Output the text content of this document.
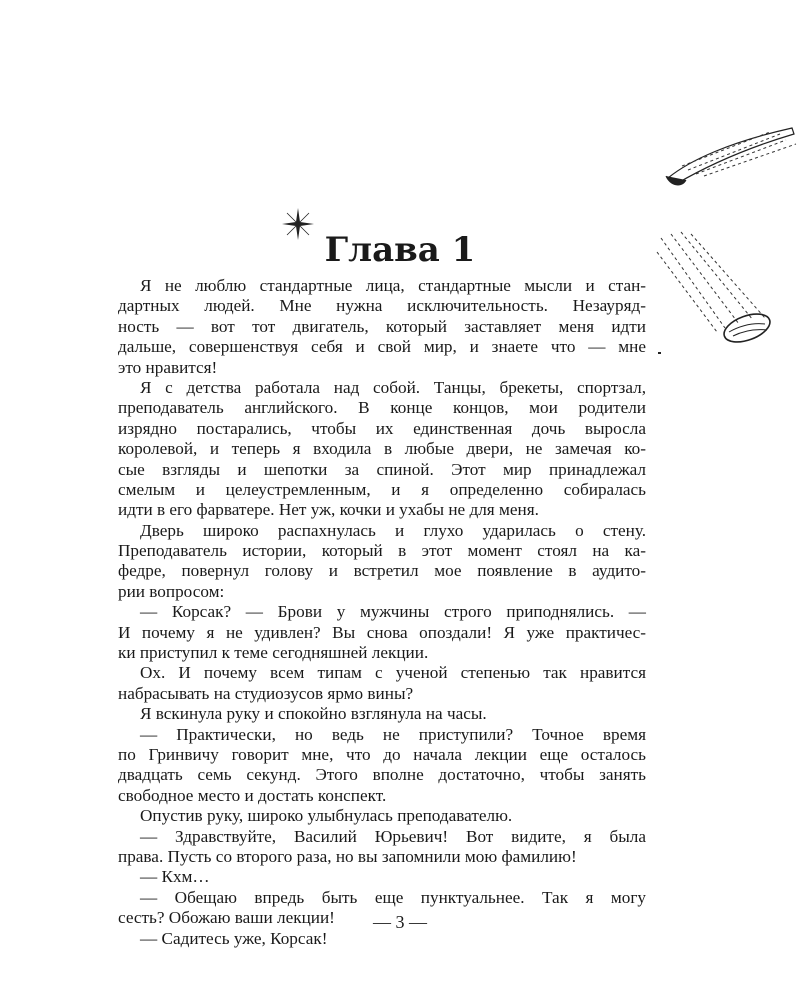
Глава 1
Я не люблю стандартные лица, стандартные мысли и стан-
дартных людей. Мне нужна исключительность. Незауряд-
ность — вот тот двигатель, который заставляет меня идти
дальше, совершенствуя себя и свой мир, и знаете что — мне
это нравится!
Я с детства работала над собой. Танцы, брекеты, спортзал,
преподаватель английского. В конце концов, мои родители
изрядно постарались, чтобы их единственная дочь выросла
королевой, и теперь я входила в любые двери, не замечая ко-
сые взгляды и шепотки за спиной. Этот мир принадлежал
смелым и целеустремленным, и я определенно собиралась
идти в его фарватере. Нет уж, кочки и ухабы не для меня.
Дверь широко распахнулась и глухо ударилась о стену.
Преподаватель истории, который в этот момент стоял на ка-
федре, повернул голову и встретил мое появление в аудито-
рии вопросом:
— Корсак? — Брови у мужчины строго приподнялись. —
И почему я не удивлен? Вы снова опоздали! Я уже практичес-
ки приступил к теме сегодняшней лекции.
Ох. И почему всем типам с ученой степенью так нравится
набрасывать на студиозусов ярмо вины?
Я вскинула руку и спокойно взглянула на часы.
— Практически, но ведь не приступили? Точное время
по Гринвичу говорит мне, что до начала лекции еще осталось
двадцать семь секунд. Этого вполне достаточно, чтобы занять
свободное место и достать конспект.
Опустив руку, широко улыбнулась преподавателю.
— Здравствуйте, Василий Юрьевич! Вот видите, я была
права. Пусть со второго раза, но вы запомнили мою фамилию!
— Кхм…
— Обещаю впредь быть еще пунктуальнее. Так я могу
сесть? Обожаю ваши лекции!
— Садитесь уже, Корсак!
— 3 —
